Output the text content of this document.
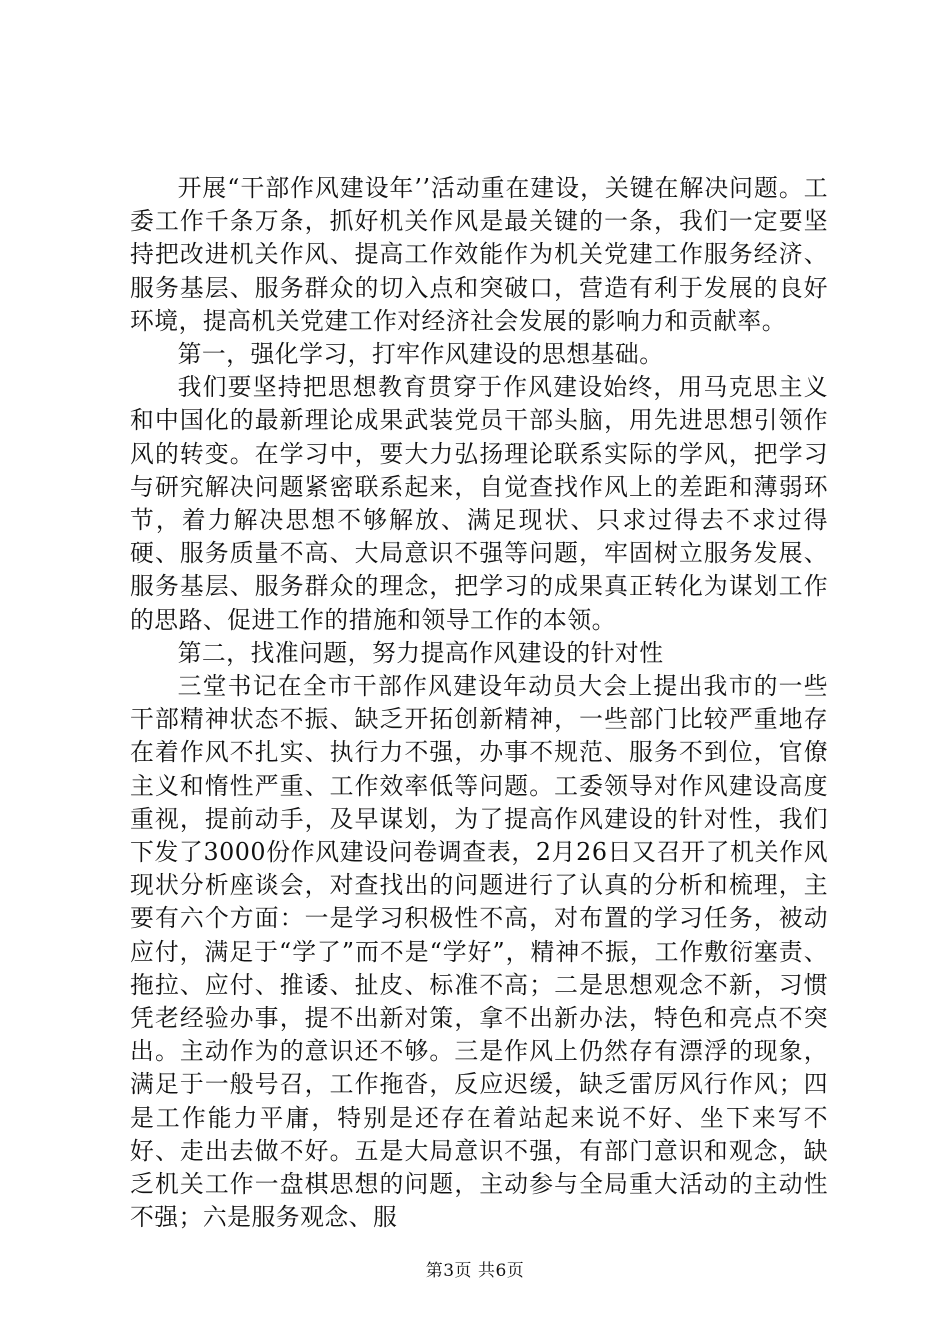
开展“干部作风建设年’’活动重在建设，关键在解决问题。工委工作千条万条，抓好机关作风是最关键的一条，我们一定要坚持把改进机关作风、提高工作效能作为机关党建工作服务经济、服务基层、服务群众的切入点和突破口，营造有利于发展的良好环境，提高机关党建工作对经济社会发展的影响力和贡献率。

第一，强化学习，打牢作风建设的思想基础。

我们要坚持把思想教育贯穿于作风建设始终，用马克思主义和中国化的最新理论成果武装党员干部头脑，用先进思想引领作风的转变。在学习中，要大力弘扬理论联系实际的学风，把学习与研究解决问题紧密联系起来，自觉查找作风上的差距和薄弱环节，着力解决思想不够解放、满足现状、只求过得去不求过得硬、服务质量不高、大局意识不强等问题，牢固树立服务发展、服务基层、服务群众的理念，把学习的成果真正转化为谋划工作的思路、促进工作的措施和领导工作的本领。

第二，找准问题，努力提高作风建设的针对性

三堂书记在全市干部作风建设年动员大会上提出我市的一些干部精神状态不振、缺乏开拓创新精神，一些部门比较严重地存在着作风不扎实、执行力不强，办事不规范、服务不到位，官僚主义和惰性严重、工作效率低等问题。工委领导对作风建设高度重视，提前动手，及早谋划，为了提高作风建设的针对性，我们下发了3000份作风建设问卷调查表，2月26日又召开了机关作风现状分析座谈会，对查找出的问题进行了认真的分析和梳理，主要有六个方面：一是学习积极性不高，对布置的学习任务，被动应付，满足于“学了”而不是“学好”，精神不振，工作敷衍塞责、拖拉、应付、推诿、扯皮、标准不高；二是思想观念不新，习惯凭老经验办事，提不出新对策，拿不出新办法，特色和亮点不突出。主动作为的意识还不够。三是作风上仍然存有漂浮的现象，满足于一般号召，工作拖沓，反应迟缓，缺乏雷厉风行作风；四是工作能力平庸，特别是还存在着站起来说不好、坐下来写不好、走出去做不好。五是大局意识不强，有部门意识和观念，缺乏机关工作一盘棋思想的问题，主动参与全局重大活动的主动性不强；六是服务观念、服

第3页 共6页
